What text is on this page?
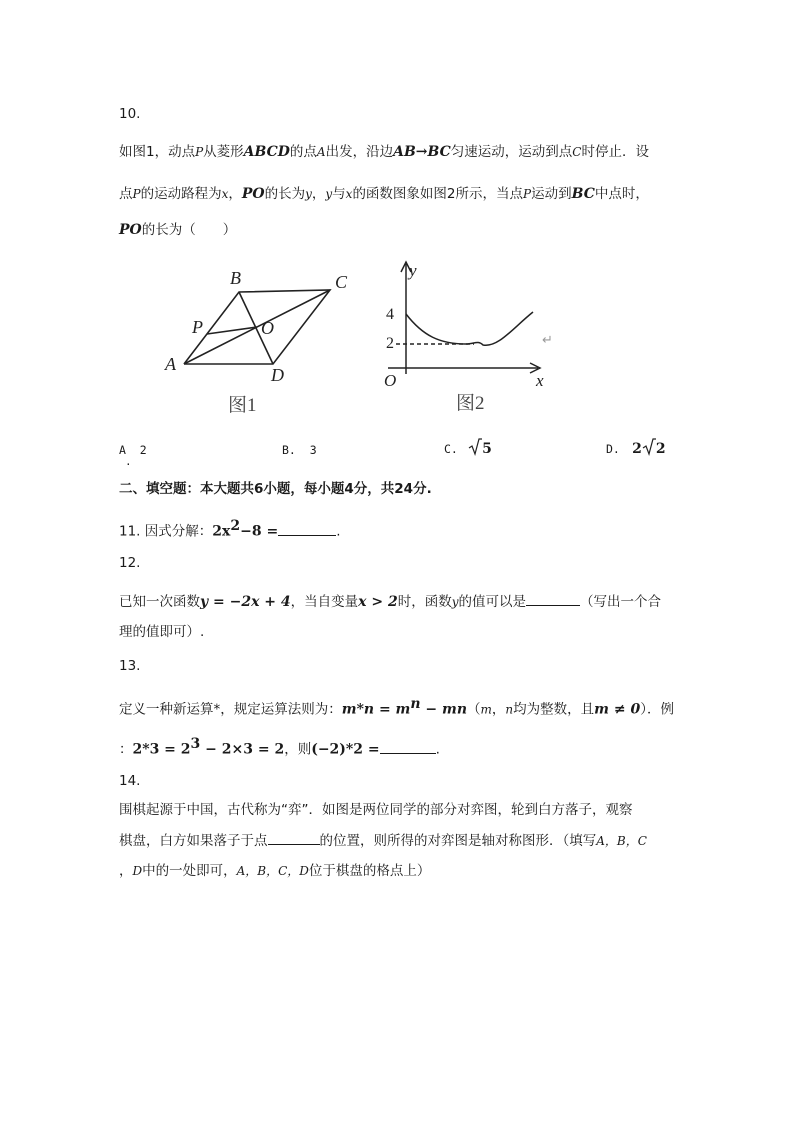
10.
如图1，动点P从菱形ABCD的点A出发，沿边AB→BC匀速运动，运动到点C时停止．设
点P的运动路程为x，PO的长为y，y与x的函数图象如图2所示，当点P运动到BC中点时，
PO的长为（　　）
B	C
P	O
A
D
图1
y
4
2
O	x
↵
图2
A 2
.
B. 3	C. 5	D. 2 2
二、填空题：本大题共6小题，每小题4分，共24分.
11. 因式分解：$2x^2-8$ =	.
12.
已知一次函数y = −2x + 4，当自变量x > 2时，函数y的值可以是	（写出一个合
理的值即可）.
13.
定义一种新运算*，规定运算法则为：$m*n = m^n - mn(m$，n均为整数，且m ≠ 0）．例
：$2*3 = 2^3 - 2\times 3 = 2$，则(−2)*2 =	.
14.
围棋起源于中国，古代称为“弈”．如图是两位同学的部分对弈图，轮到白方落子，观察
棋盘，白方如果落子于点	的位置，则所得的对弈图是轴对称图形．（填写A，B，C
，D中的一处即可，A，B，C，D位于棋盘的格点上）
